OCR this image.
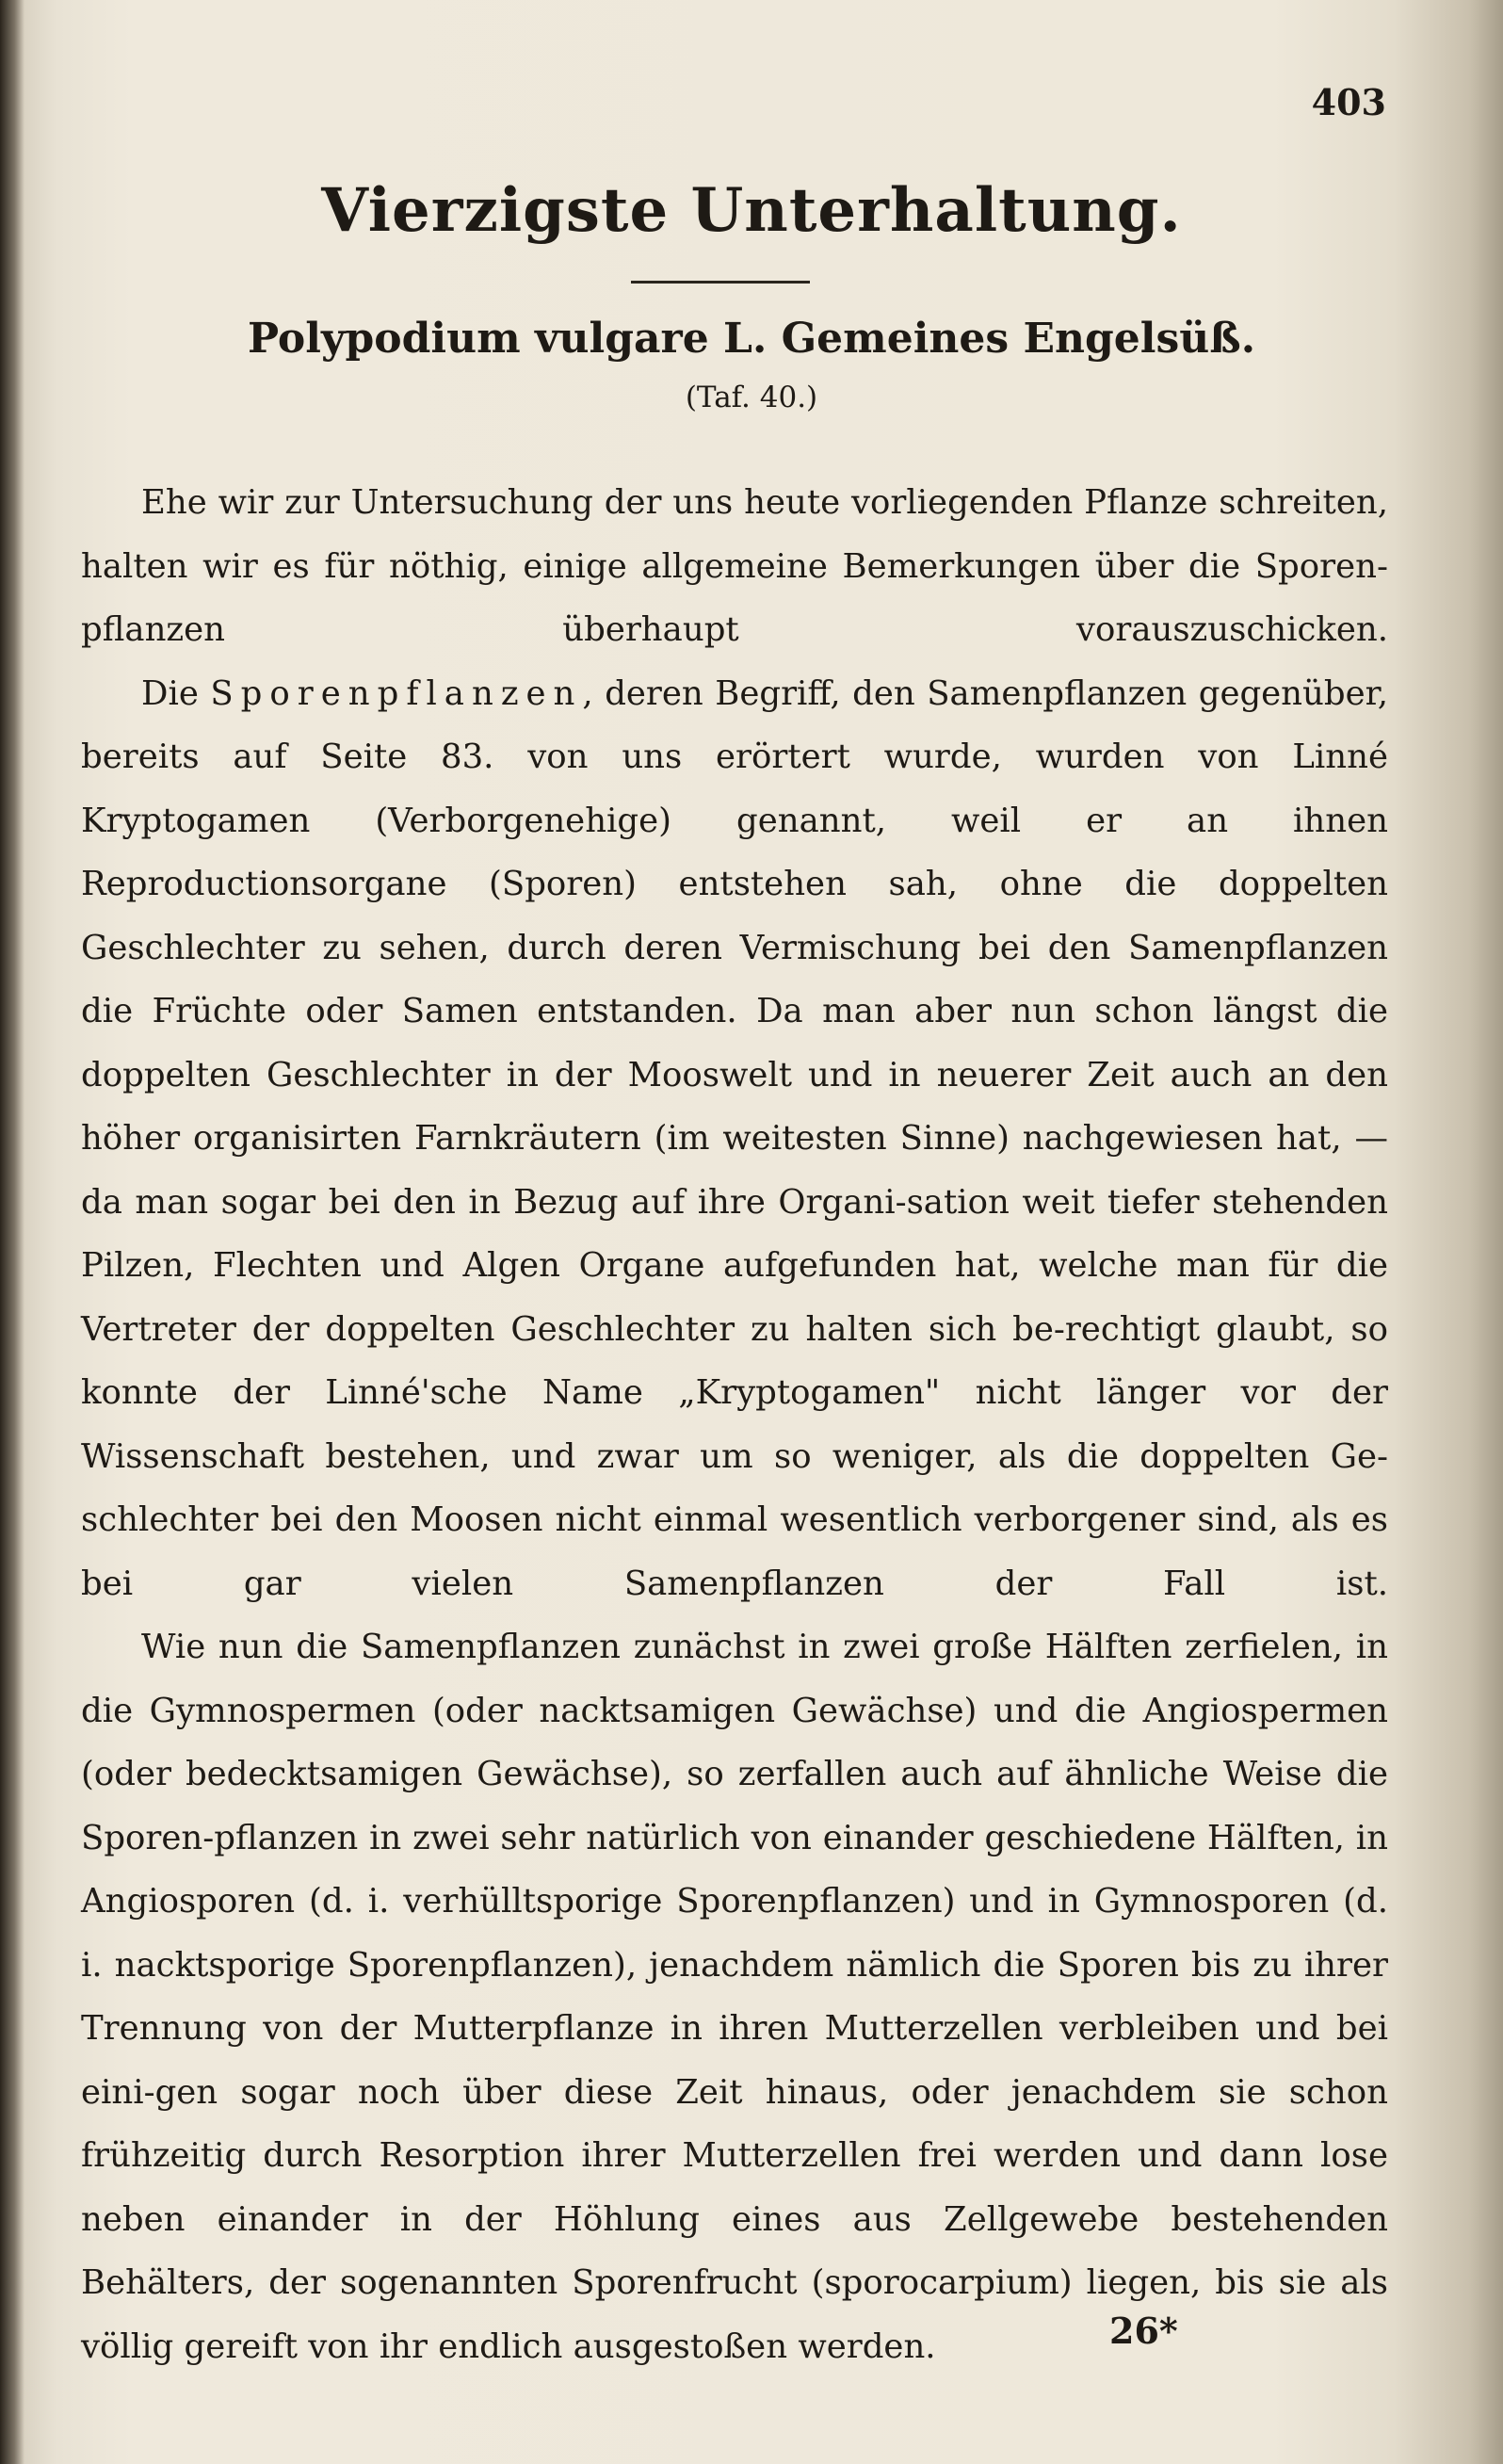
403
Vierzigste Unterhaltung.
Polypodium vulgare L. Gemeines Engelsüß.
(Taf. 40.)

Ehe wir zur Untersuchung der uns heute vorliegenden Pflanze schreiten, halten wir es für nöthig, einige allgemeine Bemerkungen über die Sporen-pflanzen überhaupt vorauszuschicken.

Die Sporenpflanzen, deren Begriff, den Samenpflanzen gegenüber, bereits auf Seite 83. von uns erörtert wurde, wurden von Linné Kryptogamen (Verborgenehige) genannt, weil er an ihnen Reproductionsorgane (Sporen) entstehen sah, ohne die doppelten Geschlechter zu sehen, durch deren Vermischung bei den Samenpflanzen die Früchte oder Samen entstanden. Da man aber nun schon längst die doppelten Geschlechter in der Mooswelt und in neuerer Zeit auch an den höher organisirten Farnkräutern (im weitesten Sinne) nachgewiesen hat, — da man sogar bei den in Bezug auf ihre Organi-sation weit tiefer stehenden Pilzen, Flechten und Algen Organe aufgefunden hat, welche man für die Vertreter der doppelten Geschlechter zu halten sich be-rechtigt glaubt, so konnte der Linné'sche Name „Kryptogamen" nicht länger vor der Wissenschaft bestehen, und zwar um so weniger, als die doppelten Ge-schlechter bei den Moosen nicht einmal wesentlich verborgener sind, als es bei gar vielen Samenpflanzen der Fall ist.

Wie nun die Samenpflanzen zunächst in zwei große Hälften zerfielen, in die Gymnospermen (oder nacktsamigen Gewächse) und die Angiospermen (oder bedecktsamigen Gewächse), so zerfallen auch auf ähnliche Weise die Sporen-pflanzen in zwei sehr natürlich von einander geschiedene Hälften, in Angiosporen (d. i. verhülltsporige Sporenpflanzen) und in Gymnosporen (d. i. nacktsporige Sporenpflanzen), jenachdem nämlich die Sporen bis zu ihrer Trennung von der Mutterpflanze in ihren Mutterzellen verbleiben und bei eini-gen sogar noch über diese Zeit hinaus, oder jenachdem sie schon frühzeitig durch Resorption ihrer Mutterzellen frei werden und dann lose neben einander in der Höhlung eines aus Zellgewebe bestehenden Behälters, der sogenannten Sporenfrucht (sporocarpium) liegen, bis sie als völlig gereift von ihr endlich ausgestoßen werden.	26*
